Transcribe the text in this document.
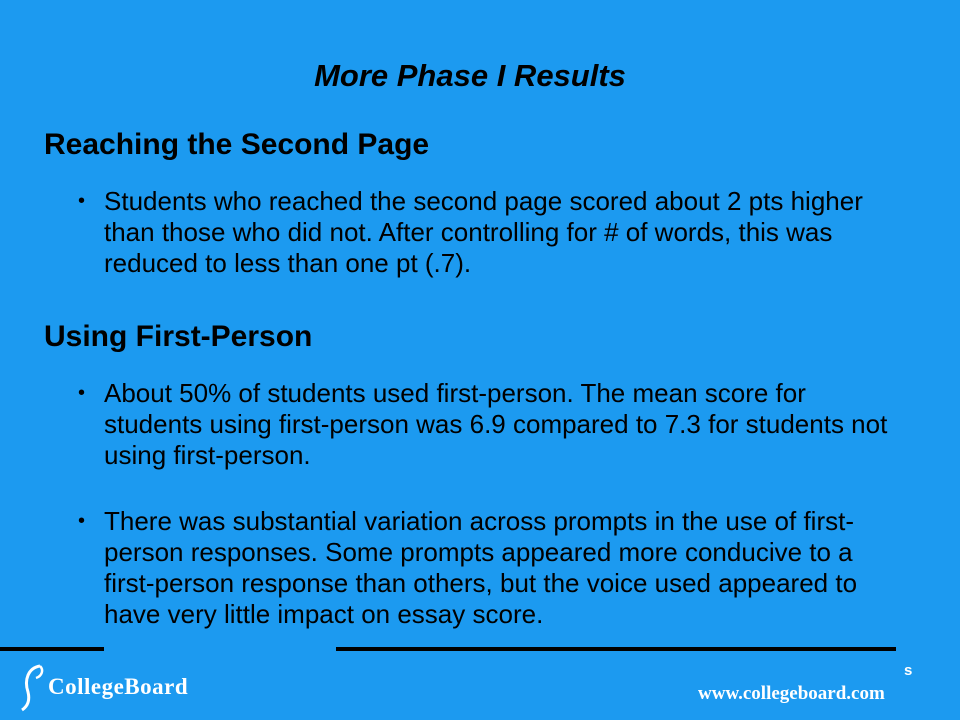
More Phase I Results
Reaching the Second Page
• Students who reached the second page scored about 2 pts higher than those who did not. After controlling for # of words, this was reduced to less than one pt (.7).
Using First-Person
• About 50% of students used first-person. The mean score for students using first-person was 6.9 compared to 7.3 for students not using first-person.
• There was substantial variation across prompts in the use of first-person responses. Some prompts appeared more conducive to a first-person response than others, but the voice used appeared to have very little impact on essay score.
CollegeBoard
s
www.collegeboard.com
